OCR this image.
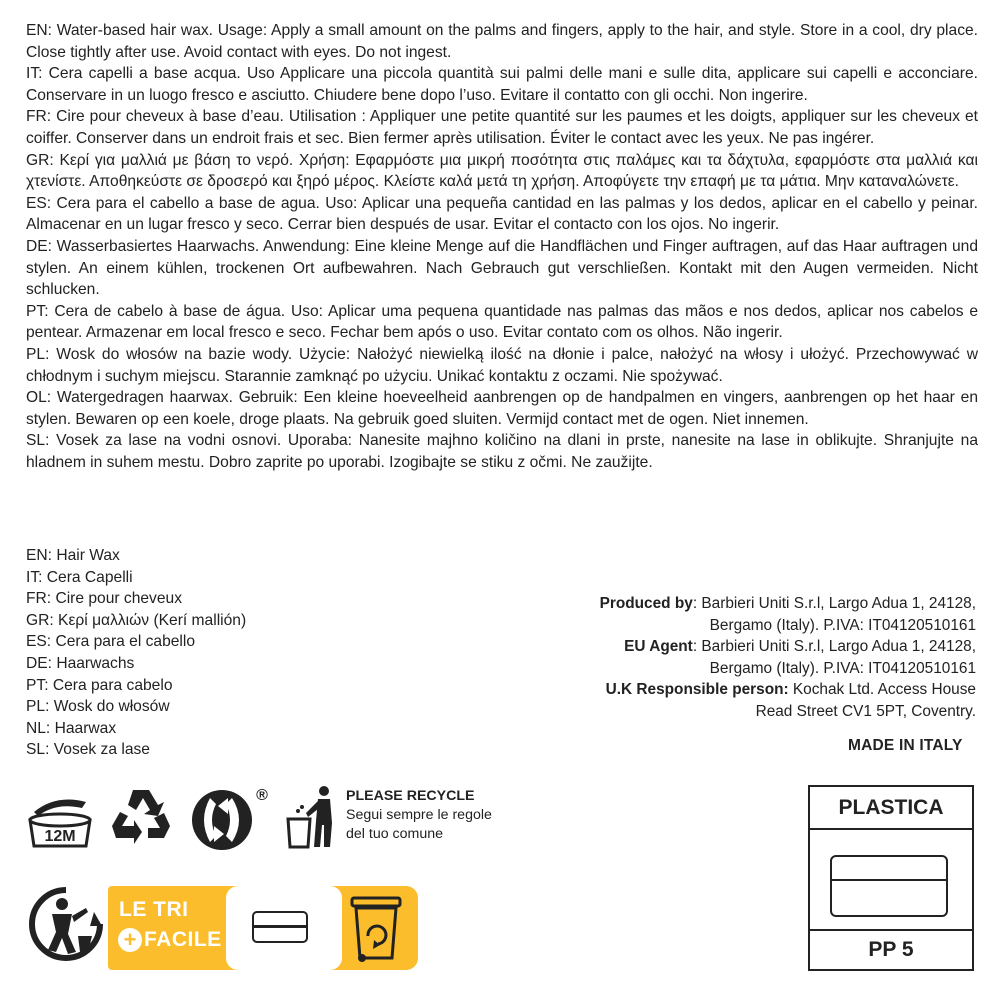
EN: Water-based hair wax. Usage: Apply a small amount on the palms and fingers, apply to the hair, and style. Store in a cool, dry place. Close tightly after use. Avoid contact with eyes. Do not ingest.

IT: Cera capelli a base acqua. Uso Applicare una piccola quantità sui palmi delle mani e sulle dita, applicare sui capelli e acconciare. Conservare in un luogo fresco e asciutto. Chiudere bene dopo l’uso. Evitare il contatto con gli occhi. Non ingerire.

FR: Cire pour cheveux à base d’eau. Utilisation : Appliquer une petite quantité sur les paumes et les doigts, appliquer sur les cheveux et coiffer. Conserver dans un endroit frais et sec. Bien fermer après utilisation. Éviter le contact avec les yeux. Ne pas ingérer.

GR: Κερί για μαλλιά με βάση το νερό. Χρήση: Εφαρμόστε μια μικρή ποσότητα στις παλάμες και τα δάχτυλα, εφαρμόστε στα μαλλιά και χτενίστε. Αποθηκεύστε σε δροσερό και ξηρό μέρος. Κλείστε καλά μετά τη χρήση. Αποφύγετε την επαφή με τα μάτια. Μην καταναλώνετε.

ES: Cera para el cabello a base de agua. Uso: Aplicar una pequeña cantidad en las palmas y los dedos, aplicar en el cabello y peinar. Almacenar en un lugar fresco y seco. Cerrar bien después de usar. Evitar el contacto con los ojos. No ingerir.

DE: Wasserbasiertes Haarwachs. Anwendung: Eine kleine Menge auf die Handflächen und Finger auftragen, auf das Haar auftragen und stylen. An einem kühlen, trockenen Ort aufbewahren. Nach Gebrauch gut verschließen. Kontakt mit den Augen vermeiden. Nicht schlucken.

PT: Cera de cabelo à base de água. Uso: Aplicar uma pequena quantidade nas palmas das mãos e nos dedos, aplicar nos cabelos e pentear. Armazenar em local fresco e seco. Fechar bem após o uso. Evitar contato com os olhos. Não ingerir.

PL: Wosk do włosów na bazie wody. Użycie: Nałożyć niewielką ilość na dłonie i palce, nałożyć na włosy i ułożyć. Przechowywać w chłodnym i suchym miejscu. Starannie zamknąć po użyciu. Unikać kontaktu z oczami. Nie spożywać.

OL: Watergedragen haarwax. Gebruik: Een kleine hoeveelheid aanbrengen op de handpalmen en vingers, aanbrengen op het haar en stylen. Bewaren op een koele, droge plaats. Na gebruik goed sluiten. Vermijd contact met de ogen. Niet innemen.

SL: Vosek za lase na vodni osnovi. Uporaba: Nanesite majhno količino na dlani in prste, nanesite na lase in oblikujte. Shranjujte na hladnem in suhem mestu. Dobro zaprite po uporabi. Izogibajte se stiku z očmi. Ne zaužijte.

EN: Hair Wax
IT: Cera Capelli
FR: Cire pour cheveux
GR: Κερί μαλλιών (Kerí mallión)
ES: Cera para el cabello
DE: Haarwachs
PT: Cera para cabelo
PL: Wosk do włosów
NL: Haarwax
SL: Vosek za lase
Produced by: Barbieri Uniti S.r.l, Largo Adua 1, 24128,
Bergamo (Italy). P.IVA: IT04120510161
EU Agent: Barbieri Uniti S.r.l, Largo Adua 1, 24128,
Bergamo (Italy). P.IVA: IT04120510161
U.K Responsible person: Kochak Ltd. Access House
Read Street CV1 5PT, Coventry.
MADE IN ITALY
12M
®	PLEASE RECYCLE
Segui sempre le regole
del tuo comune
LE TRI
+ FACILE
PLASTICA
PP 5
